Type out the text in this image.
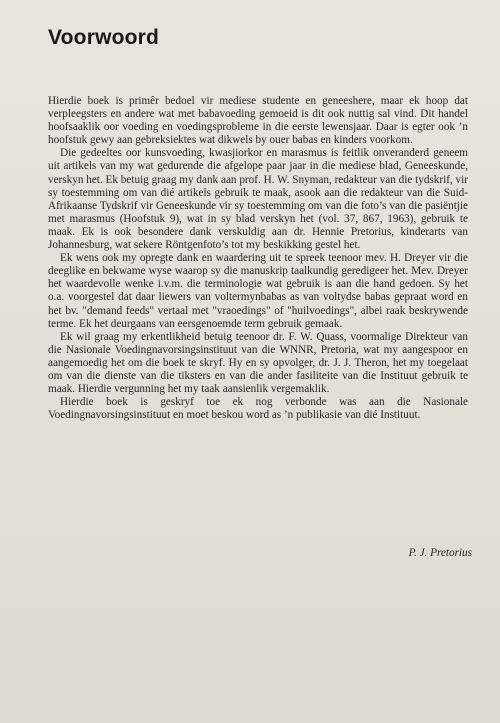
Voorwoord

Hierdie boek is primêr bedoel vir mediese studente en geneeshere, maar ek hoop dat verpleegsters en andere wat met babavoeding gemoeid is dit ook nuttig sal vind. Dit handel hoofsaaklik oor voeding en voedingsprobleme in die eerste lewensjaar. Daar is egter ook ’n hoofstuk gewy aan gebreksiektes wat dikwels by ouer babas en kinders voorkom.

Die gedeeltes oor kunsvoeding, kwasjiorkor en marasmus is feitlik onveranderd geneem uit artikels van my wat gedurende die afgelope paar jaar in die mediese blad, Geneeskunde, verskyn het. Ek betuig graag my dank aan prof. H. W. Snyman, redakteur van die tydskrif, vir sy toestemming om van dié artikels gebruik te maak, asook aan die redakteur van die Suid-Afrikaanse Tydskrif vir Geneeskunde vir sy toestemming om van die foto’s van die pasiëntjie met marasmus (Hoofstuk 9), wat in sy blad verskyn het (vol. 37, 867, 1963), gebruik te maak. Ek is ook besondere dank verskuldig aan dr. Hennie Pretorius, kinderarts van Johannesburg, wat sekere Röntgenfoto’s tot my beskikking gestel het.

Ek wens ook my opregte dank en waardering uit te spreek teenoor mev. H. Dreyer vir die deeglike en bekwame wyse waarop sy die manuskrip taalkundig geredigeer het. Mev. Dreyer het waardevolle wenke i.v.m. die terminologie wat gebruik is aan die hand gedoen. Sy het o.a. voorgestel dat daar liewers van voltermynbabas as van voltydse babas gepraat word en het bv. "demand feeds" vertaal met "vraoedings" of "huilvoedings", albei raak beskrywende terme. Ek het deurgaans van eersgenoemde term gebruik gemaak.

Ek wil graag my erkentlikheid betuig teenoor dr. F. W. Quass, voormalige Direkteur van die Nasionale Voedingnavorsingsinstituut van die WNNR, Pretoria, wat my aangespoor en aangemoedig het om die boek te skryf. Hy en sy opvolger, dr. J. J. Theron, het my toegelaat om van die dienste van die tiksters en van die ander fasiliteite van die Instituut gebruik te maak. Hierdie vergunning het my taak aansienlik vergemaklik.

Hierdie boek is geskryf toe ek nog verbonde was aan die Nasionale Voedingnavorsingsinstituut en moet beskou word as ’n publikasie van dié Instituut.

P. J. Pretorius
